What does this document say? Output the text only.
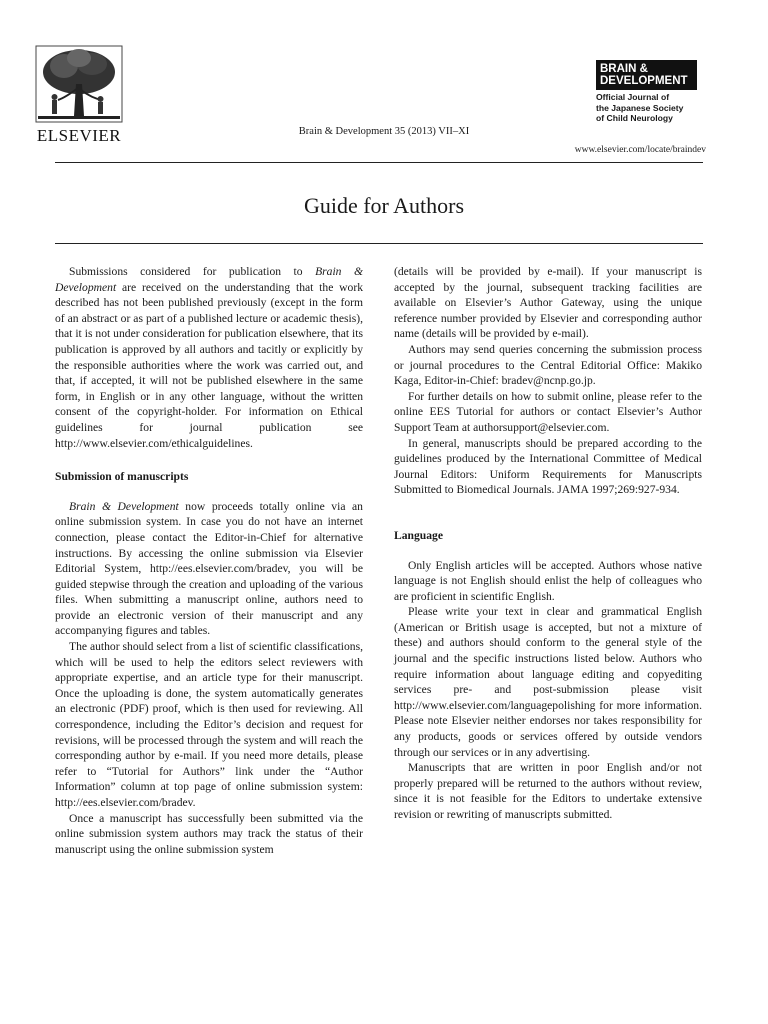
ELSEVIER	Brain & Development 35 (2013) VII–XI
BRAIN &
DEVELOPMENT
Official Journal of
the Japanese Society
of Child Neurology
www.elsevier.com/locate/braindev
Guide for Authors

Submissions considered for publication to Brain & Development are received on the understanding that the work described has not been published previously (except in the form of an abstract or as part of a published lecture or academic thesis), that it is not under consideration for publication elsewhere, that its publication is approved by all authors and tacitly or explicitly by the responsible authorities where the work was carried out, and that, if accepted, it will not be published elsewhere in the same form, in English or in any other language, without the written consent of the copyright-holder. For information on Ethical guidelines for journal publication see http://www.elsevier.com/ethicalguidelines.

Submission of manuscripts

Brain & Development now proceeds totally online via an online submission system. In case you do not have an internet connection, please contact the Editor-in-Chief for alternative instructions. By accessing the online submission via Elsevier Editorial System, http://ees.elsevier.com/bradev, you will be guided stepwise through the creation and uploading of the various files. When submitting a manuscript online, authors need to provide an electronic version of their manuscript and any accompanying figures and tables.

The author should select from a list of scientific classifications, which will be used to help the editors select reviewers with appropriate expertise, and an article type for their manuscript. Once the uploading is done, the system automatically generates an electronic (PDF) proof, which is then used for reviewing. All correspondence, including the Editor’s decision and request for revisions, will be processed through the system and will reach the corresponding author by e-mail. If you need more details, please refer to “Tutorial for Authors” link under the “Author Information” column at top page of online submission system: http://ees.elsevier.com/bradev.

Once a manuscript has successfully been submitted via the online submission system authors may track the status of their manuscript using the online submission system

(details will be provided by e-mail). If your manuscript is accepted by the journal, subsequent tracking facilities are available on Elsevier’s Author Gateway, using the unique reference number provided by Elsevier and corresponding author name (details will be provided by e-mail).

Authors may send queries concerning the submission process or journal procedures to the Central Editorial Office: Makiko Kaga, Editor-in-Chief: bradev@ncnp.go.jp.

For further details on how to submit online, please refer to the online EES Tutorial for authors or contact Elsevier’s Author Support Team at authorsupport@elsevier.com.

In general, manuscripts should be prepared according to the guidelines produced by the International Committee of Medical Journal Editors: Uniform Requirements for Manuscripts Submitted to Biomedical Journals. JAMA 1997;269:927-934.

Language

Only English articles will be accepted. Authors whose native language is not English should enlist the help of colleagues who are proficient in scientific English.

Please write your text in clear and grammatical English (American or British usage is accepted, but not a mixture of these) and authors should conform to the general style of the journal and the specific instructions listed below. Authors who require information about language editing and copyediting services pre- and post-submission please visit http://www.elsevier.com/languagepolishing for more information. Please note Elsevier neither endorses nor takes responsibility for any products, goods or services offered by outside vendors through our services or in any advertising.

Manuscripts that are written in poor English and/or not properly prepared will be returned to the authors without review, since it is not feasible for the Editors to undertake extensive revision or rewriting of manuscripts submitted.
